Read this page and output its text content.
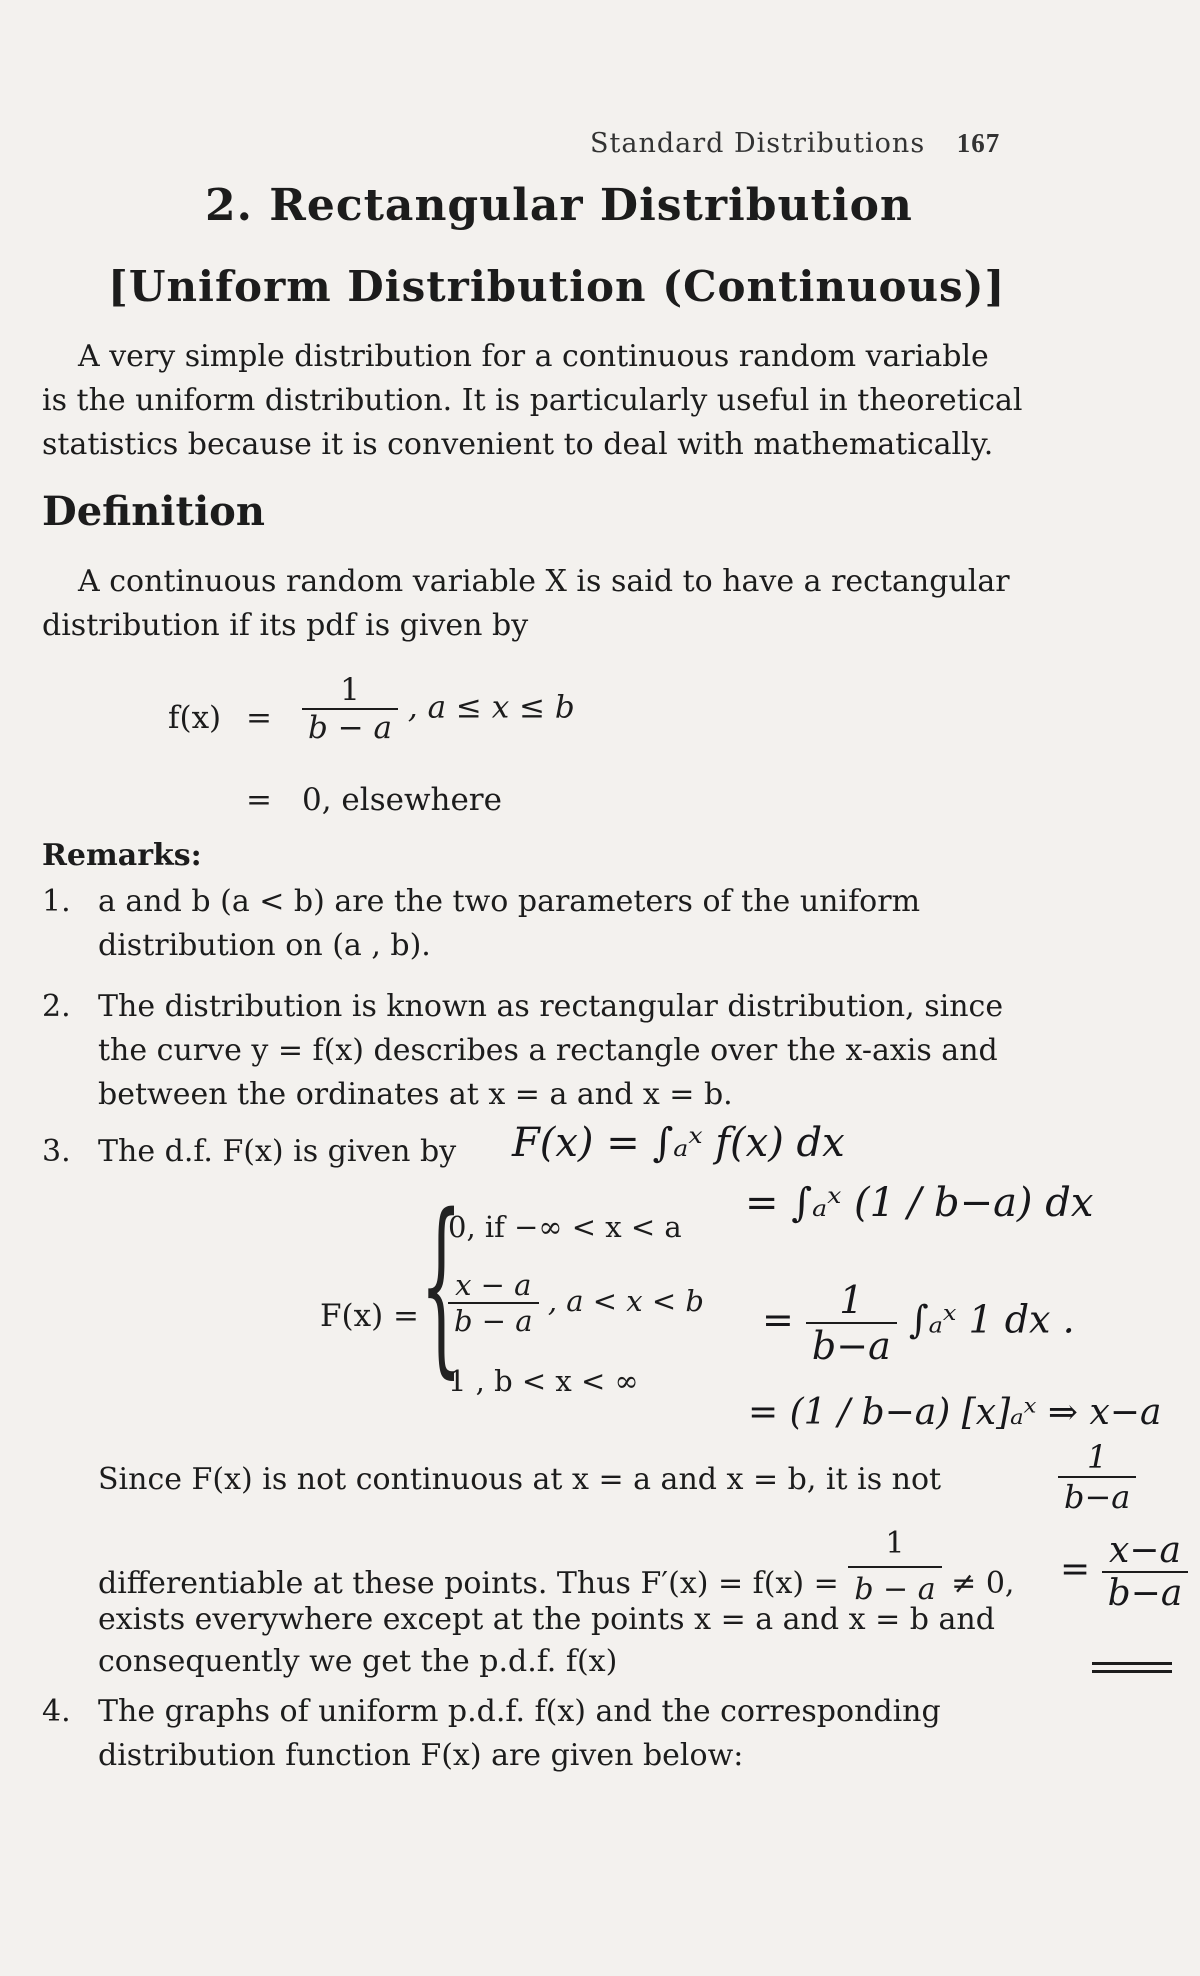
Standard Distributions 167
2. Rectangular Distribution
[Uniform Distribution (Continuous)]
A very simple distribution for a continuous random variable
is the uniform distribution. It is particularly useful in theoretical
statistics because it is convenient to deal with mathematically.
Definition
A continuous random variable X is said to have a rectangular
distribution if its pdf is given by
$f(x) = \frac{1}{b - a}$ , a ≤ x ≤ b
= 0, elsewhere
Remarks:
1. a and b (a < b) are the two parameters of the uniform
distribution on (a , b).
2. The distribution is known as rectangular distribution, since
the curve y = f(x) describes a rectangle over the x-axis and
between the ordinates at x = a and x = b.
3. The d.f. F(x) is given by
F(x) = {
0, if −∞ < x < a
$\frac{x - a}{b - a}$ , a < x < b
1 , b < x < ∞
Since F(x) is not continuous at x = a and x = b, it is not
differentiable at these points. Thus $F'(x) = f(x) = \frac{1}{b - a} \ne 0$,
exists everywhere except at the points x = a and x = b and
consequently we get the p.d.f. f(x)
4. The graphs of uniform p.d.f. f(x) and the corresponding
distribution function F(x) are given below:
F(x) = ∫ₐˣ f(x) dx
= ∫ₐˣ (1 / b−a) dx
= $\frac{1}{b-a}$ ∫ₐˣ 1 dx .
= (1 / b−a) [x]ₐˣ ⇒ x−a
$\frac{1}{b-a}$
= $\frac{x-a}{b-a}$
